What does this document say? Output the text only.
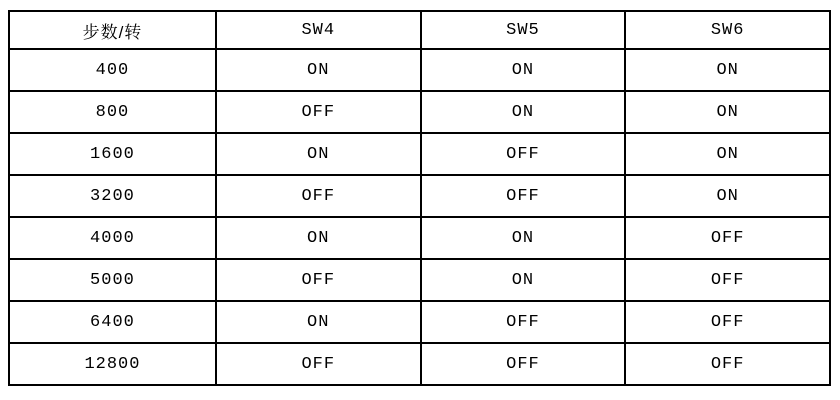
步数/转	SW4	SW5	SW6
400	ON	ON	ON
800	OFF	ON	ON
1600	ON	OFF	ON
3200	OFF	OFF	ON
4000	ON	ON	OFF
5000	OFF	ON	OFF
6400	ON	OFF	OFF
12800	OFF	OFF	OFF
